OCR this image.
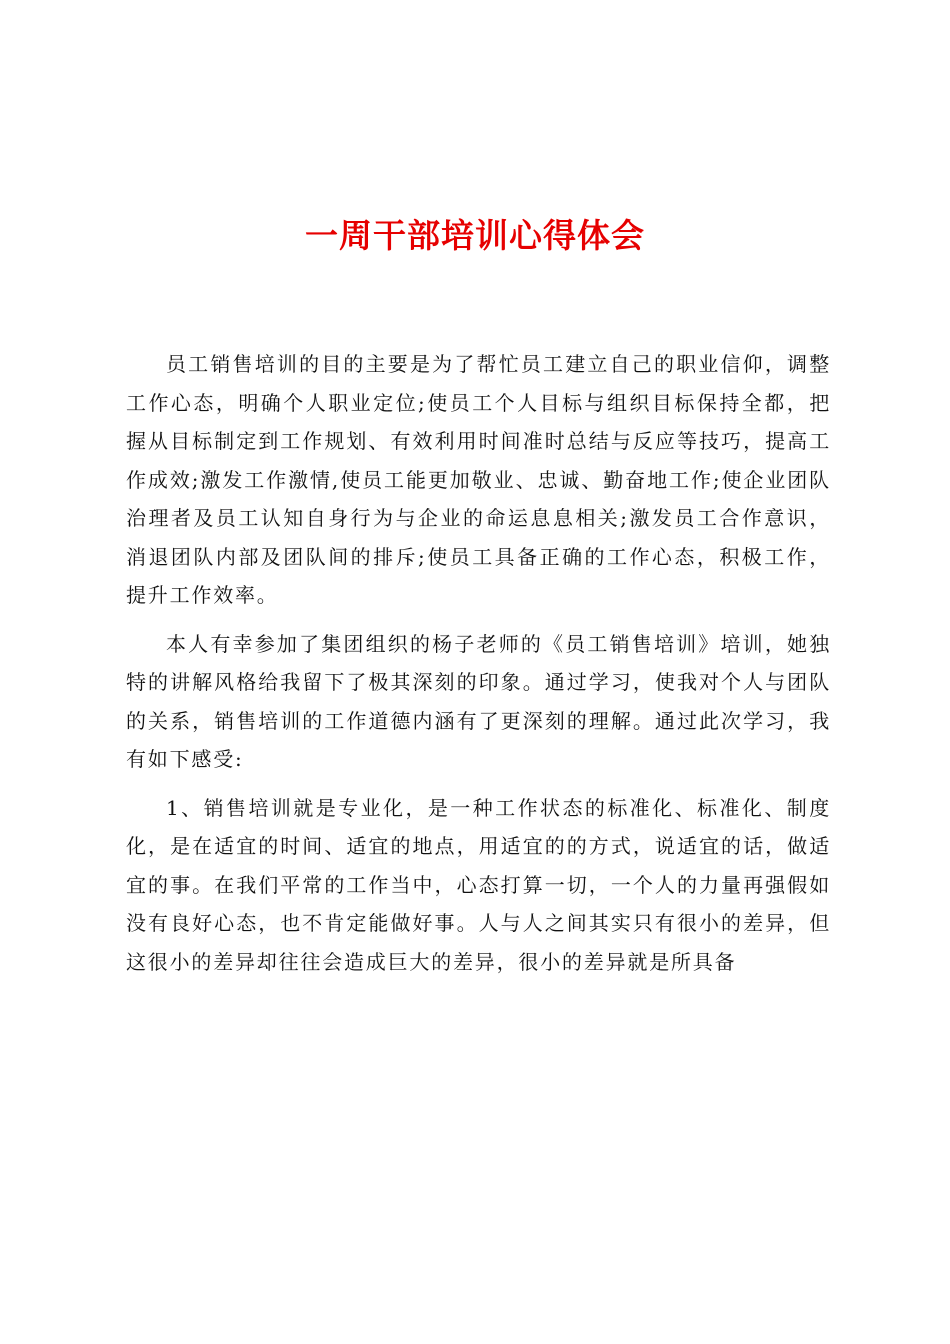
一周干部培训心得体会

员工销售培训的目的主要是为了帮忙员工建立自己的职业信仰，调整工作心态，明确个人职业定位;使员工个人目标与组织目标保持全都，把握从目标制定到工作规划、有效利用时间准时总结与反应等技巧，提高工作成效;激发工作激情,使员工能更加敬业、忠诚、勤奋地工作;使企业团队治理者及员工认知自身行为与企业的命运息息相关;激发员工合作意识，消退团队内部及团队间的排斥;使员工具备正确的工作心态，积极工作，提升工作效率。

本人有幸参加了集团组织的杨子老师的《员工销售培训》培训，她独特的讲解风格给我留下了极其深刻的印象。通过学习，使我对个人与团队的关系，销售培训的工作道德内涵有了更深刻的理解。通过此次学习，我有如下感受:

1、销售培训就是专业化，是一种工作状态的标准化、标准化、制度化，是在适宜的时间、适宜的地点，用适宜的的方式，说适宜的话，做适宜的事。在我们平常的工作当中，心态打算一切，一个人的力量再强假如没有良好心态，也不肯定能做好事。人与人之间其实只有很小的差异，但这很小的差异却往往会造成巨大的差异，很小的差异就是所具备
